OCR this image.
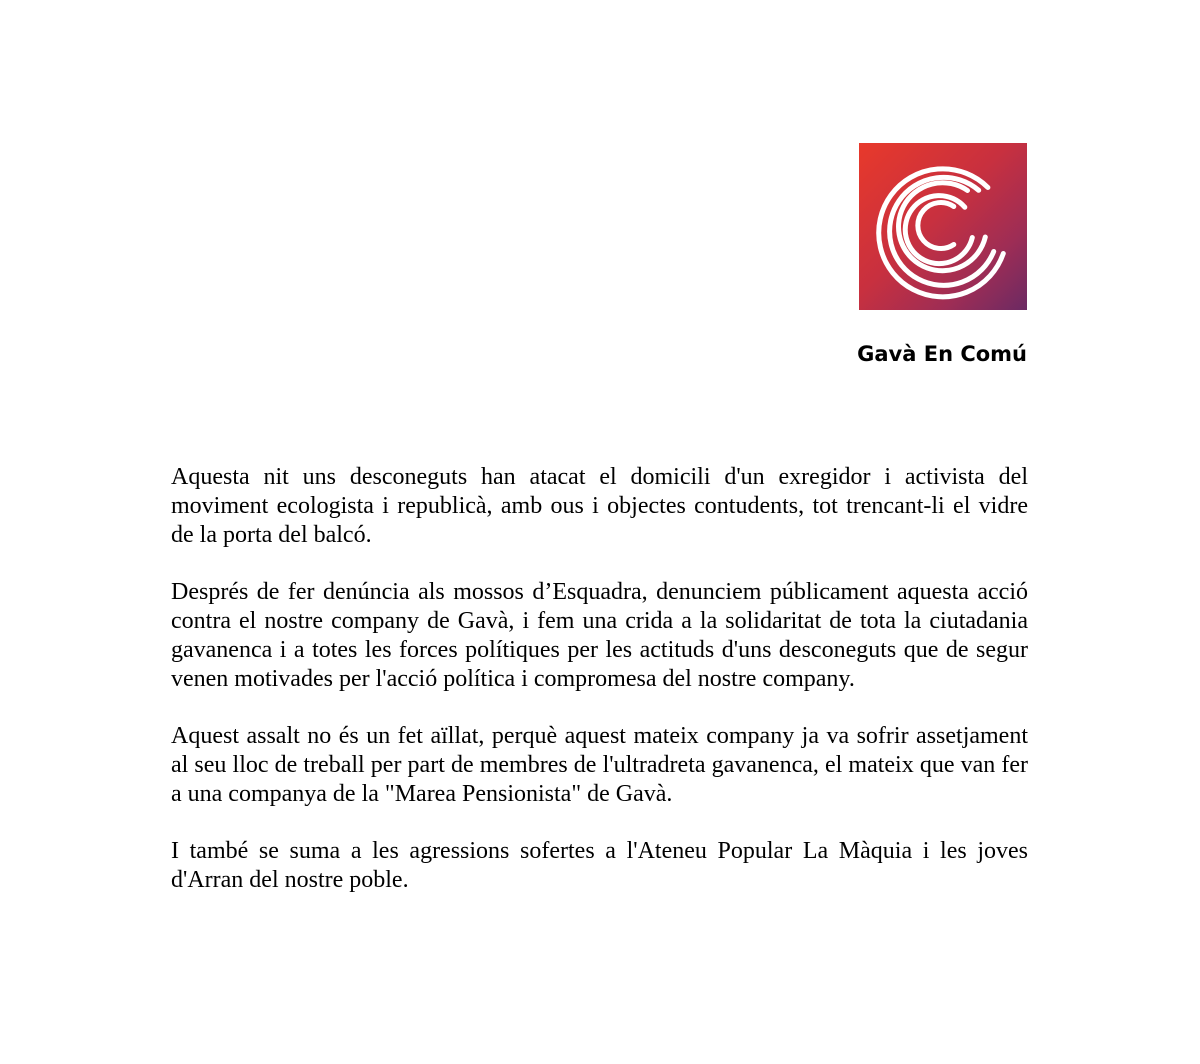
Gavà En Comú

Aquesta nit uns desconeguts han atacat el domicili d'un exregidor i activista del moviment ecologista i republicà, amb ous i objectes contudents, tot trencant-li el vidre de la porta del balcó.

Després de fer denúncia als mossos d’Esquadra, denunciem públicament aquesta acció contra el nostre company de Gavà, i fem una crida a la solidaritat de tota la ciutadania gavanenca i a totes les forces polítiques per les actituds d'uns desconeguts que de segur venen motivades per l'acció política i compromesa del nostre company.

Aquest assalt no és un fet aïllat, perquè aquest mateix company ja va sofrir assetjament al seu lloc de treball per part de membres de l'ultradreta gavanenca, el mateix que van fer a una companya de la "Marea Pensionista" de Gavà.

I també se suma a les agressions sofertes a l'Ateneu Popular La Màquia i les joves d'Arran del nostre poble.
